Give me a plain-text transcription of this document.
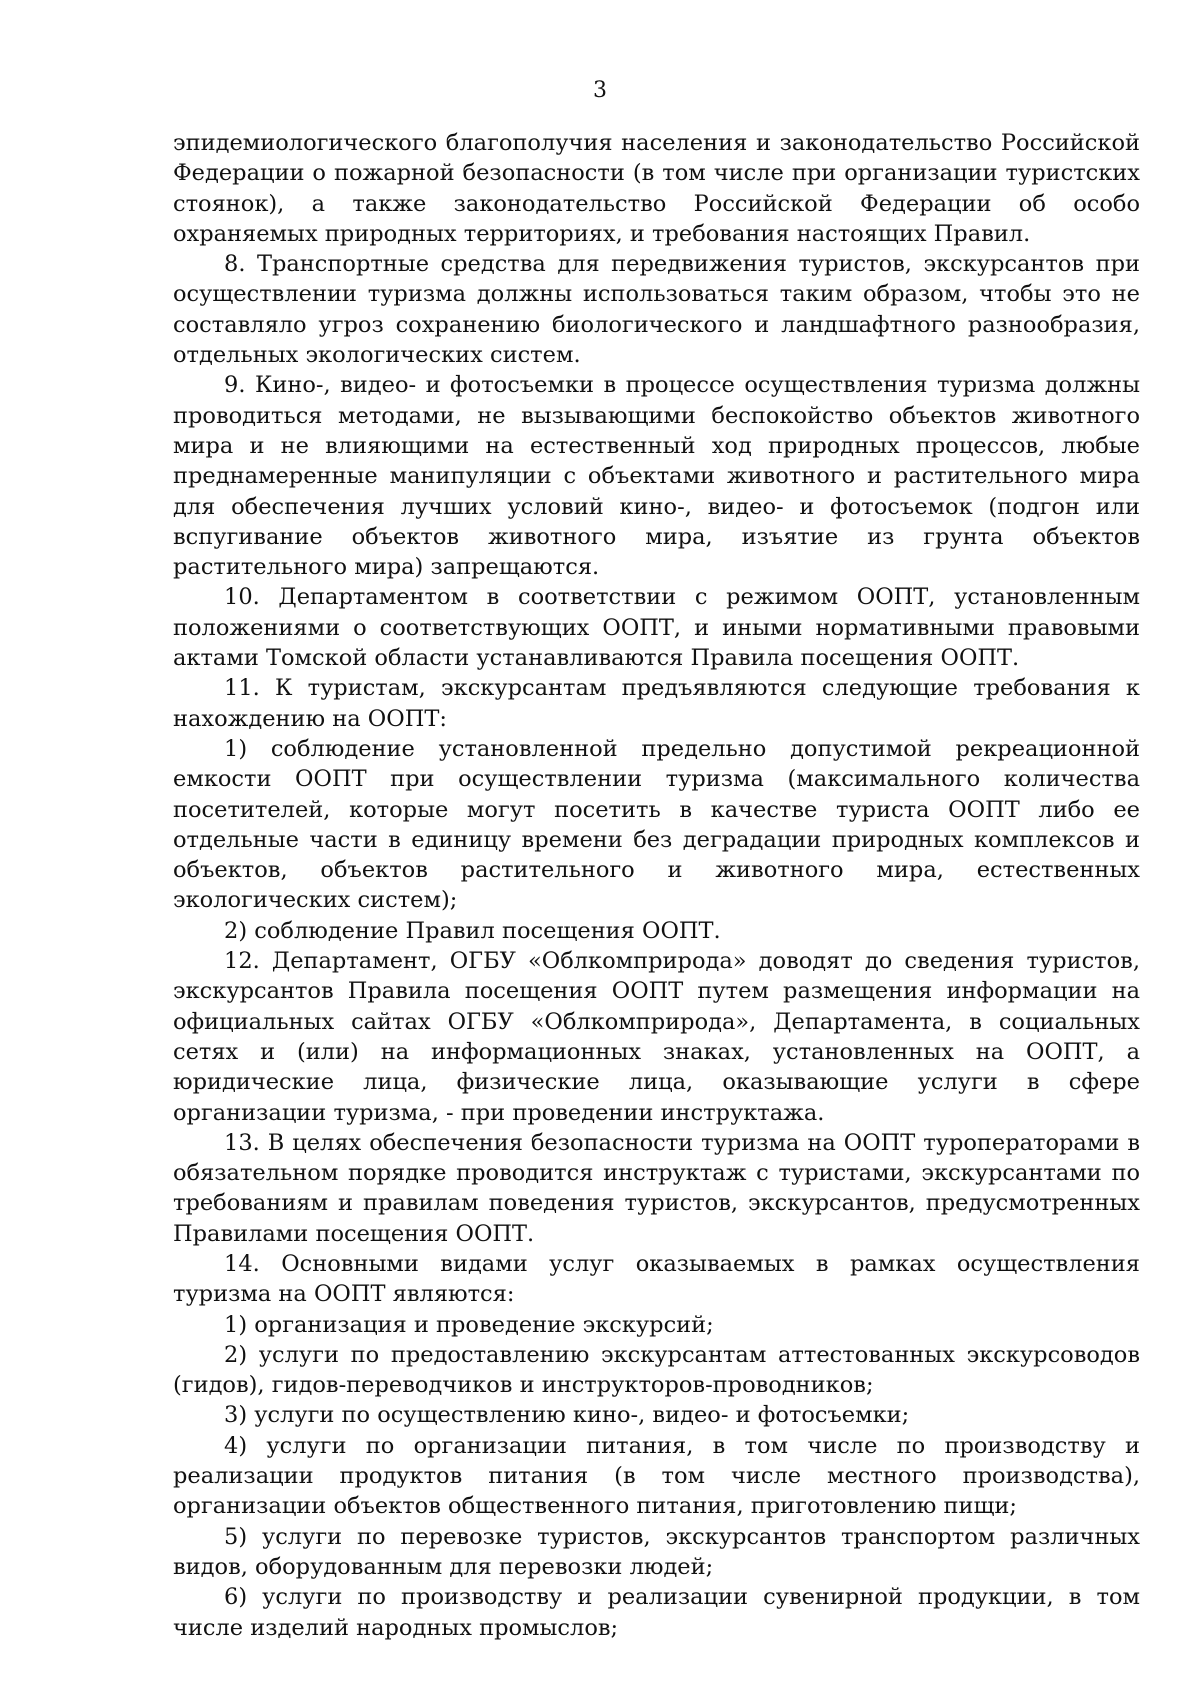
3

эпидемиологического благополучия населения и законодательство Российской Федерации о пожарной безопасности (в том числе при организации туристских стоянок), а также законодательство Российской Федерации об особо охраняемых природных территориях, и требования настоящих Правил.

8. Транспортные средства для передвижения туристов, экскурсантов при осуществлении туризма должны использоваться таким образом, чтобы это не составляло угроз сохранению биологического и ландшафтного разнообразия, отдельных экологических систем.

9. Кино-, видео- и фотосъемки в процессе осуществления туризма должны проводиться методами, не вызывающими беспокойство объектов животного мира и не влияющими на естественный ход природных процессов, любые преднамеренные манипуляции с объектами животного и растительного мира для обеспечения лучших условий кино-, видео- и фотосъемок (подгон или вспугивание объектов животного мира, изъятие из грунта объектов растительного мира) запрещаются.

10. Департаментом в соответствии с режимом ООПТ, установленным положениями о соответствующих ООПТ, и иными нормативными правовыми актами Томской области устанавливаются Правила посещения ООПТ.

11. К туристам, экскурсантам предъявляются следующие требования к нахождению на ООПТ:

1) соблюдение установленной предельно допустимой рекреационной емкости ООПТ при осуществлении туризма (максимального количества посетителей, которые могут посетить в качестве туриста ООПТ либо ее отдельные части в единицу времени без деградации природных комплексов и объектов, объектов растительного и животного мира, естественных экологических систем);

2) соблюдение Правил посещения ООПТ.

12. Департамент, ОГБУ «Облкомприрода» доводят до сведения туристов, экскурсантов Правила посещения ООПТ путем размещения информации на официальных сайтах ОГБУ «Облкомприрода», Департамента, в социальных сетях и (или) на информационных знаках, установленных на ООПТ, а юридические лица, физические лица, оказывающие услуги в сфере организации туризма, - при проведении инструктажа.

13. В целях обеспечения безопасности туризма на ООПТ туроператорами в обязательном порядке проводится инструктаж с туристами, экскурсантами по требованиям и правилам поведения туристов, экскурсантов, предусмотренных Правилами посещения ООПТ.

14. Основными видами услуг оказываемых в рамках осуществления туризма на ООПТ являются:

1) организация и проведение экскурсий;

2) услуги по предоставлению экскурсантам аттестованных экскурсоводов (гидов), гидов-переводчиков и инструкторов-проводников;

3) услуги по осуществлению кино-, видео- и фотосъемки;

4) услуги по организации питания, в том числе по производству и реализации продуктов питания (в том числе местного производства), организации объектов общественного питания, приготовлению пищи;

5) услуги по перевозке туристов, экскурсантов транспортом различных видов, оборудованным для перевозки людей;

6) услуги по производству и реализации сувенирной продукции, в том числе изделий народных промыслов;
